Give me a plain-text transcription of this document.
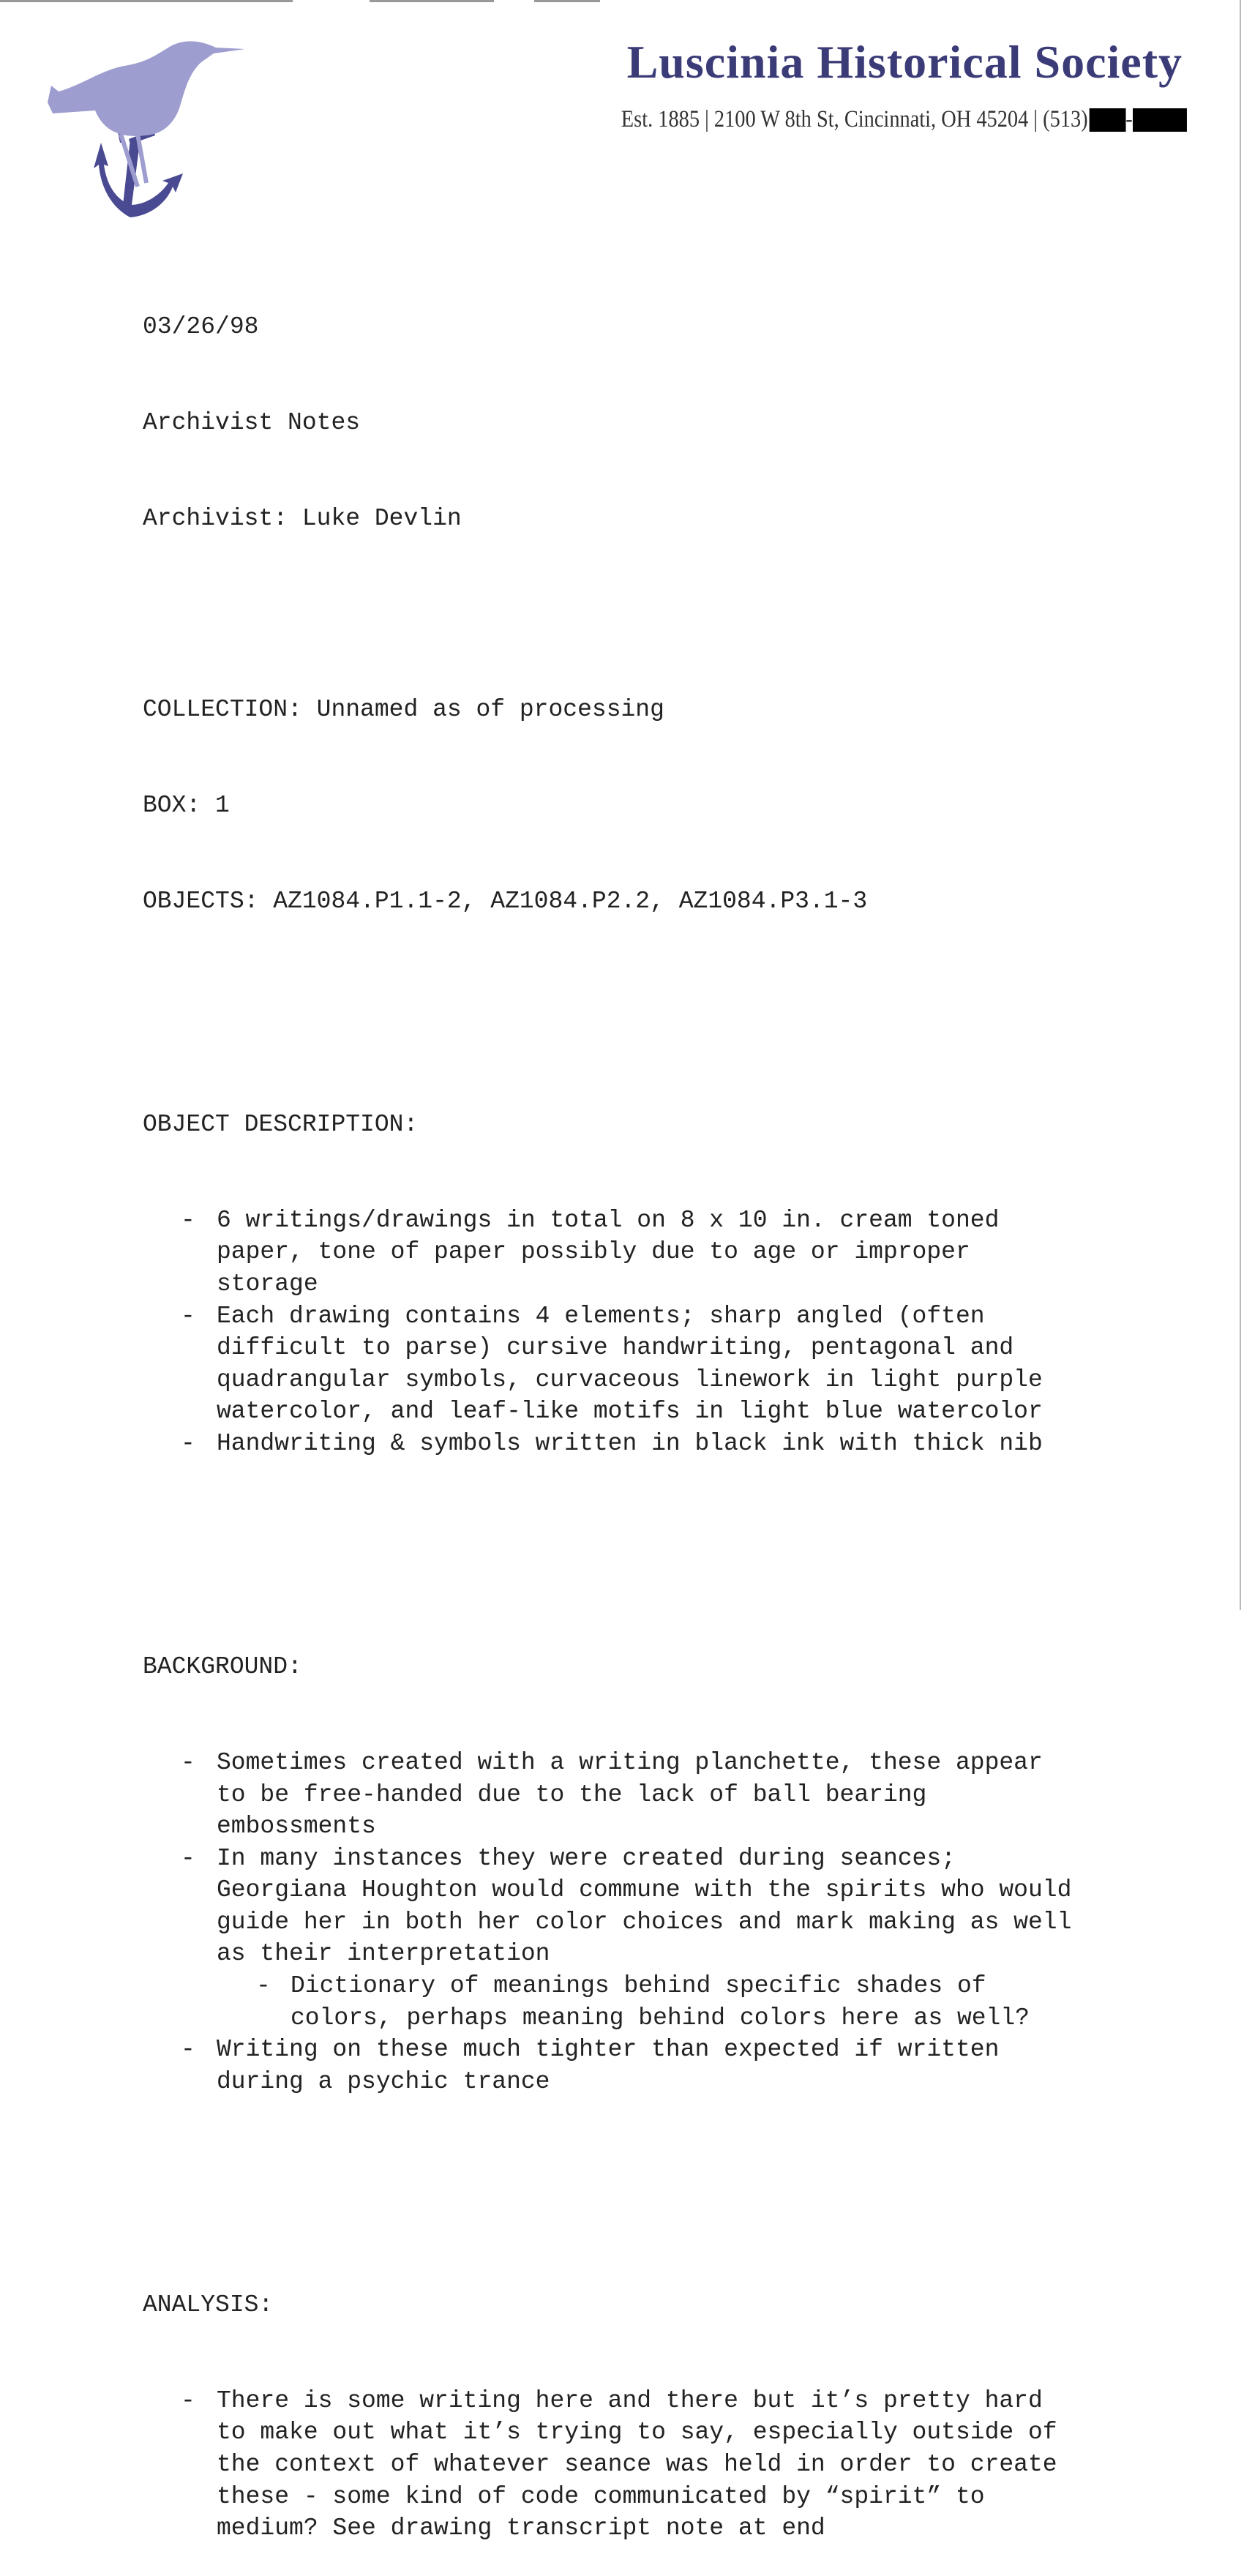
Luscinia Historical Society
Est. 1885 | 2100 W 8th St, Cincinnati, OH 45204 | (513) -

03/26/98

Archivist Notes

Archivist: Luke Devlin

COLLECTION: Unnamed as of processing

BOX: 1

OBJECTS: AZ1084.P1.1-2, AZ1084.P2.2, AZ1084.P3.1-3

OBJECT DESCRIPTION:

- 6 writings/drawings in total on 8 x 10 in. cream toned
paper, tone of paper possibly due to age or improper
storage
- Each drawing contains 4 elements; sharp angled (often
difficult to parse) cursive handwriting, pentagonal and
quadrangular symbols, curvaceous linework in light purple
watercolor, and leaf-like motifs in light blue watercolor
- Handwriting & symbols written in black ink with thick nib

BACKGROUND:

- Sometimes created with a writing planchette, these appear
to be free-handed due to the lack of ball bearing
embossments
- In many instances they were created during seances;
Georgiana Houghton would commune with the spirits who would
guide her in both her color choices and mark making as well
as their interpretation
- Dictionary of meanings behind specific shades of
colors, perhaps meaning behind colors here as well?
- Writing on these much tighter than expected if written
during a psychic trance

ANALYSIS:

- There is some writing here and there but it’s pretty hard
to make out what it’s trying to say, especially outside of
the context of whatever seance was held in order to create
these - some kind of code communicated by “spirit” to
medium? See drawing transcript note at end
